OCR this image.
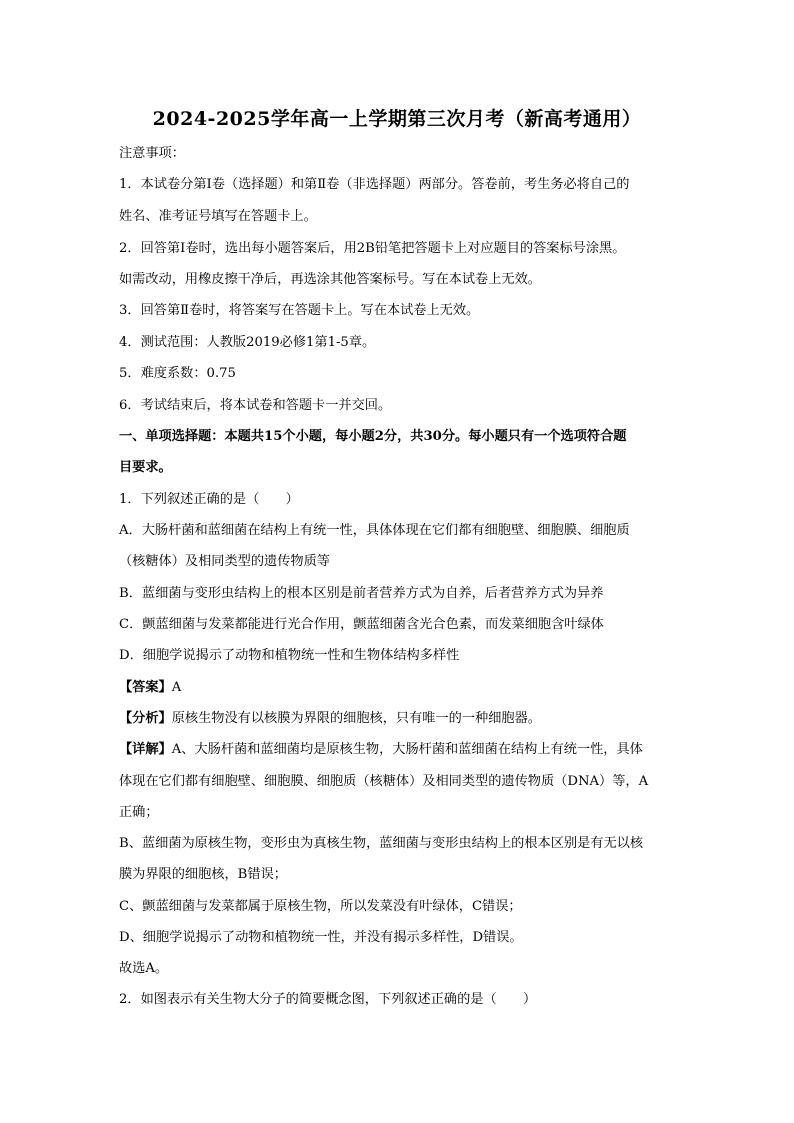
2024-2025学年高一上学期第三次月考（新高考通用）
注意事项：
1．本试卷分第Ⅰ卷（选择题）和第Ⅱ卷（非选择题）两部分。答卷前，考生务必将自己的
姓名、准考证号填写在答题卡上。
2．回答第Ⅰ卷时，选出每小题答案后，用2B铅笔把答题卡上对应题目的答案标号涂黑。
如需改动，用橡皮擦干净后，再选涂其他答案标号。写在本试卷上无效。
3．回答第Ⅱ卷时，将答案写在答题卡上。写在本试卷上无效。
4．测试范围：人教版2019必修1第1-5章。
5．难度系数：0.75
6．考试结束后，将本试卷和答题卡一并交回。
一、单项选择题：本题共15个小题，每小题2分，共30分。每小题只有一个选项符合题
目要求。
1．下列叙述正确的是（　　）
A．大肠杆菌和蓝细菌在结构上有统一性，具体体现在它们都有细胞壁、细胞膜、细胞质
（核糖体）及相同类型的遗传物质等
B．蓝细菌与变形虫结构上的根本区别是前者营养方式为自养，后者营养方式为异养
C．颤蓝细菌与发菜都能进行光合作用，颤蓝细菌含光合色素，而发菜细胞含叶绿体
D．细胞学说揭示了动物和植物统一性和生物体结构多样性
【答案】A
【分析】原核生物没有以核膜为界限的细胞核，只有唯一的一种细胞器。
【详解】A、大肠杆菌和蓝细菌均是原核生物，大肠杆菌和蓝细菌在结构上有统一性，具体
体现在它们都有细胞壁、细胞膜、细胞质（核糖体）及相同类型的遗传物质（DNA）等，A
正确；
B、蓝细菌为原核生物，变形虫为真核生物，蓝细菌与变形虫结构上的根本区别是有无以核
膜为界限的细胞核，B错误；
C、颤蓝细菌与发菜都属于原核生物，所以发菜没有叶绿体，C错误；
D、细胞学说揭示了动物和植物统一性，并没有揭示多样性，D错误。
故选A。
2．如图表示有关生物大分子的简要概念图，下列叙述正确的是（　　）
